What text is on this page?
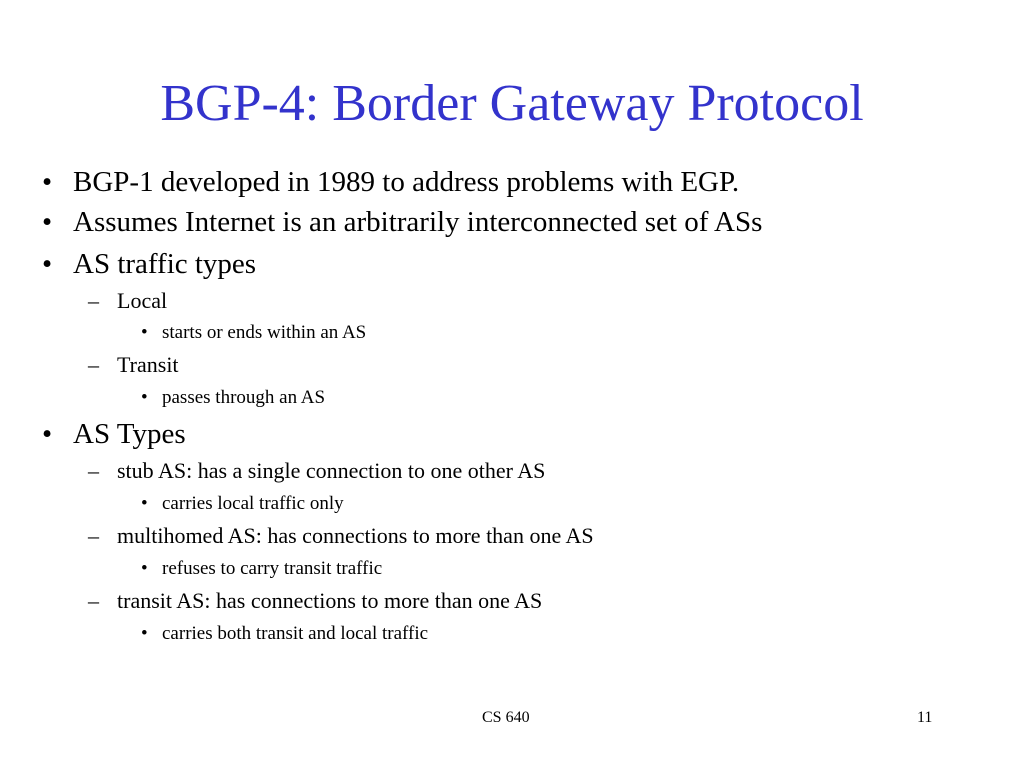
BGP-4: Border Gateway Protocol
• BGP-1 developed in 1989 to address problems with EGP.
• Assumes Internet is an arbitrarily interconnected set of ASs
• AS traffic types
– Local
• starts or ends within an AS
– Transit
• passes through an AS
• AS Types
– stub AS: has a single connection to one other AS
• carries local traffic only
– multihomed AS: has connections to more than one AS
• refuses to carry transit traffic
– transit AS: has connections to more than one AS
• carries both transit and local traffic
CS 640	11
